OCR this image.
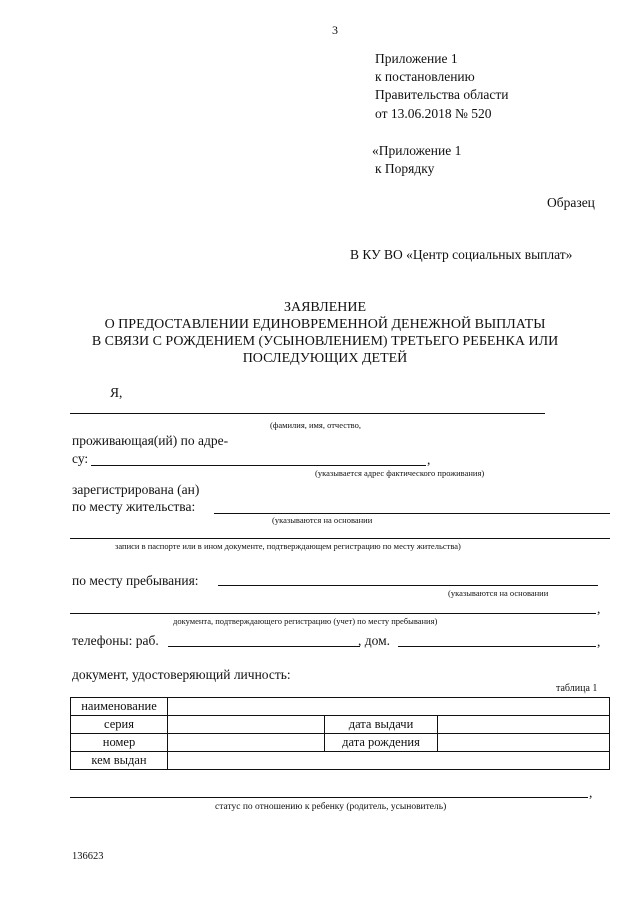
3
Приложение 1
к постановлению
Правительства области
от 13.06.2018 № 520
«Приложение 1
к Порядку
Образец
В КУ ВО «Центр социальных выплат»
ЗАЯВЛЕНИЕ
О ПРЕДОСТАВЛЕНИИ ЕДИНОВРЕМЕННОЙ ДЕНЕЖНОЙ ВЫПЛАТЫ
В СВЯЗИ С РОЖДЕНИЕМ (УСЫНОВЛЕНИЕМ) ТРЕТЬЕГО РЕБЕНКА ИЛИ
ПОСЛЕДУЮЩИХ ДЕТЕЙ
Я,
(фамилия, имя, отчество,
проживающая(ий) по адре-
су:	,
(указывается адрес фактического проживания)
зарегистрирована (ан)
по месту жительства:
(указываются на основании
записи в паспорте или в ином документе, подтверждающем регистрацию по месту жительства)
по месту пребывания:
(указываются на основании
,
документа, подтверждающего регистрацию (учет) по месту пребывания)
телефоны: раб.	, дом.	,
документ, удостоверяющий личность:
таблица 1
наименование			
серия		дата выдачи	
номер		дата рождения	
кем выдан			
,
статус по отношению к ребенку (родитель, усыновитель)
136623
